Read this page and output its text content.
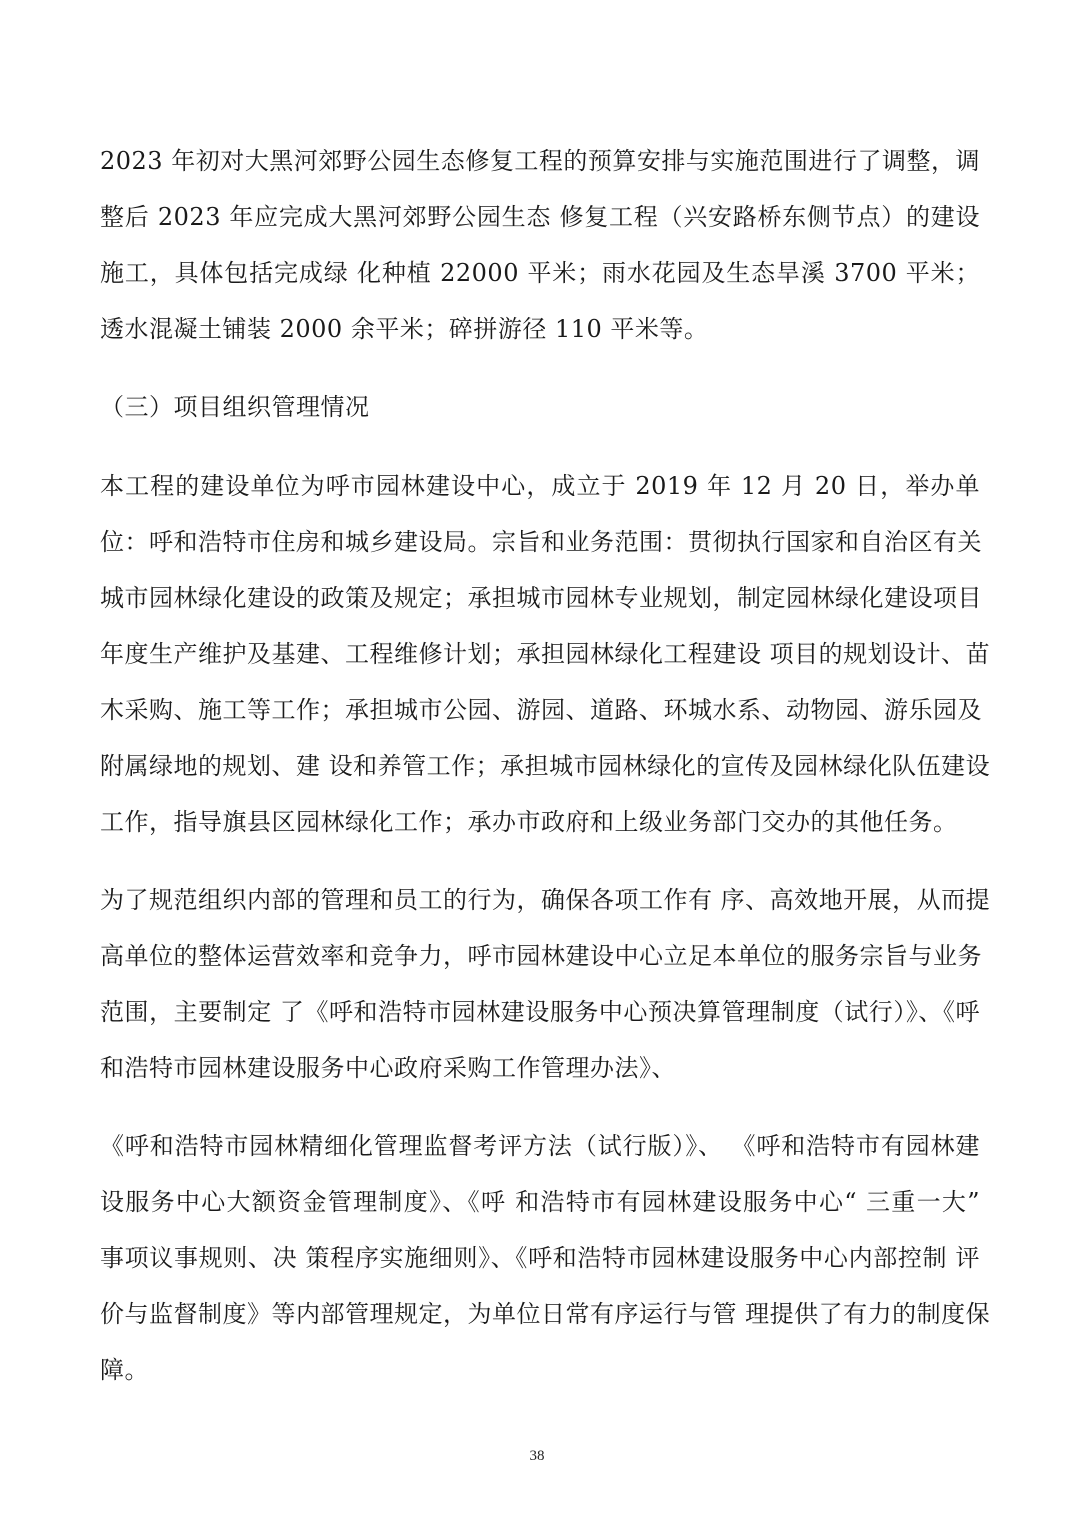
2023 年初对大黑河郊野公园生态修复工程的预算安排与实施范围进行了调整，调
整后 2023 年应完成大黑河郊野公园生态 修复工程（兴安路桥东侧节点）的建设
施工，具体包括完成绿 化种植 22000 平米；雨水花园及生态旱溪 3700 平米；
透水混凝土铺装 2000 余平米；碎拼游径 110 平米等。

（三）项目组织管理情况

本工程的建设单位为呼市园林建设中心，成立于 2019 年 12 月 20 日，举办单
位：呼和浩特市住房和城乡建设局。宗旨和业务范围：贯彻执行国家和自治区有关
城市园林绿化建设的政策及规定；承担城市园林专业规划，制定园林绿化建设项目
年度生产维护及基建、工程维修计划；承担园林绿化工程建设 项目的规划设计、苗
木采购、施工等工作；承担城市公园、游园、道路、环城水系、动物园、游乐园及
附属绿地的规划、建 设和养管工作；承担城市园林绿化的宣传及园林绿化队伍建设
工作，指导旗县区园林绿化工作；承办市政府和上级业务部门交办的其他任务。
为了规范组织内部的管理和员工的行为，确保各项工作有 序、高效地开展，从而提
高单位的整体运营效率和竞争力，呼市园林建设中心立足本单位的服务宗旨与业务
范围，主要制定 了《呼和浩特市园林建设服务中心预决算管理制度（试行）》、《呼
和浩特市园林建设服务中心政府采购工作管理办法》、
《呼和浩特市园林精细化管理监督考评方法（试行版）》、 《呼和浩特市有园林建
设服务中心大额资金管理制度》、《呼 和浩特市有园林建设服务中心“ 三重一大”
事项议事规则、决 策程序实施细则》、《呼和浩特市园林建设服务中心内部控制 评
价与监督制度》等内部管理规定，为单位日常有序运行与管 理提供了有力的制度保
障。
38
